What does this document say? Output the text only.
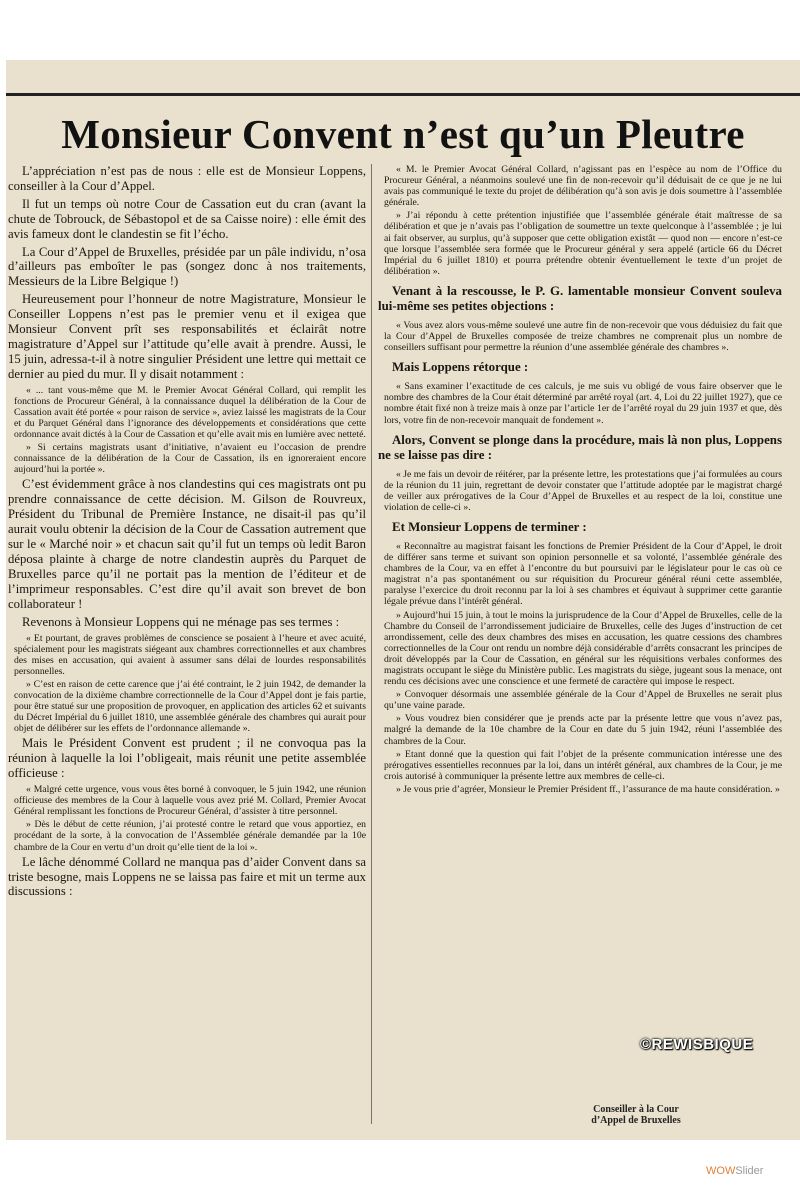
Monsieur Convent n’est qu’un Pleutre

L’appréciation n’est pas de nous : elle est de Monsieur Loppens, conseiller à la Cour d’Appel.

Il fut un temps où notre Cour de Cassation eut du cran (avant la chute de Tobrouck, de Sébastopol et de sa Caisse noire) : elle émit des avis fameux dont le clandestin se fit l’écho.

La Cour d’Appel de Bruxelles, présidée par un pâle individu, n’osa d’ailleurs pas emboîter le pas (songez donc à nos traitements, Messieurs de la Libre Belgique !)

Heureusement pour l’honneur de notre Magistrature, Monsieur le Conseiller Loppens n’est pas le premier venu et il exigea que Monsieur Convent prît ses responsabilités et éclairât notre magistrature d’Appel sur l’attitude qu’elle avait à prendre. Aussi, le 15 juin, adressa-t-il à notre singulier Président une lettre qui mettait ce dernier au pied du mur. Il y disait notamment :

« ... tant vous-même que M. le Premier Avocat Général Collard, qui remplit les fonctions de Procureur Général, à la connaissance duquel la délibération de la Cour de Cassation avait été portée « pour raison de service », aviez laissé les magistrats de la Cour et du Parquet Général dans l’ignorance des développements et considérations que cette ordonnance avait dictés à la Cour de Cassation et qu’elle avait mis en lumière avec netteté.

» Si certains magistrats usant d’initiative, n’avaient eu l’occasion de prendre connaissance de la délibération de la Cour de Cassation, ils en ignoreraient encore aujourd’hui la portée ».

C’est évidemment grâce à nos clandestins qui ces magistrats ont pu prendre connaissance de cette décision. M. Gilson de Rouvreux, Président du Tribunal de Première Instance, ne disait-il pas qu’il aurait voulu obtenir la décision de la Cour de Cassation autrement que sur le « Marché noir » et chacun sait qu’il fut un temps où ledit Baron déposa plainte à charge de notre clandestin auprès du Parquet de Bruxelles parce qu’il ne portait pas la mention de l’éditeur et de l’imprimeur responsables. C’est dire qu’il avait son brevet de bon collaborateur !

Revenons à Monsieur Loppens qui ne ménage pas ses termes :

« Et pourtant, de graves problèmes de conscience se posaient à l’heure et avec acuité, spécialement pour les magistrats siégeant aux chambres correctionnelles et aux chambres des mises en accusation, qui avaient à assumer sans délai de lourdes responsabilités personnelles.

» C’est en raison de cette carence que j’ai été contraint, le 2 juin 1942, de demander la convocation de la dixième chambre correctionnelle de la Cour d’Appel dont je fais partie, pour être statué sur une proposition de provoquer, en application des articles 62 et suivants du Décret Impérial du 6 juillet 1810, une assemblée générale des chambres qui aurait pour objet de délibérer sur les effets de l’ordonnance allemande ».

Mais le Président Convent est prudent ; il ne convoqua pas la réunion à laquelle la loi l’obligeait, mais réunit une petite assemblée officieuse :

« Malgré cette urgence, vous vous êtes borné à convoquer, le 5 juin 1942, une réunion officieuse des membres de la Cour à laquelle vous avez prié M. Collard, Premier Avocat Général remplissant les fonctions de Procureur Général, d’assister à titre personnel.

» Dès le début de cette réunion, j’ai protesté contre le retard que vous apportiez, en procédant de la sorte, à la convocation de l’Assemblée générale demandée par la 10e chambre de la Cour en vertu d’un droit qu’elle tient de la loi ».

Le lâche dénommé Collard ne manqua pas d’aider Convent dans sa triste besogne, mais Loppens ne se laissa pas faire et mit un terme aux discussions :

« M. le Premier Avocat Général Collard, n’agissant pas en l’espèce au nom de l’Office du Procureur Général, a néanmoins soulevé une fin de non-recevoir qu’il déduisait de ce que je ne lui avais pas communiqué le texte du projet de délibération qu’à son avis je dois soumettre à l’assemblée générale.

» J’ai répondu à cette prétention injustifiée que l’assemblée générale était maîtresse de sa délibération et que je n’avais pas l’obligation de soumettre un texte quelconque à l’assemblée ; je lui ai fait observer, au surplus, qu’à supposer que cette obligation existât — quod non — encore n’est-ce que lorsque l’assemblée sera formée que le Procureur général y sera appelé (article 66 du Décret Impérial du 6 juillet 1810) et pourra prétendre obtenir éventuellement le texte d’un projet de délibération ».

Venant à la rescousse, le P. G. lamentable monsieur Convent souleva lui-même ses petites objections :

« Vous avez alors vous-même soulevé une autre fin de non-recevoir que vous déduisiez du fait que la Cour d’Appel de Bruxelles composée de treize chambres ne comprenait plus un nombre de conseillers suffisant pour permettre la réunion d’une assemblée générale des chambres ».

Mais Loppens rétorque :

« Sans examiner l’exactitude de ces calculs, je me suis vu obligé de vous faire observer que le nombre des chambres de la Cour était déterminé par arrêté royal (art. 4, Loi du 22 juillet 1927), que ce nombre était fixé non à treize mais à onze par l’article 1er de l’arrêté royal du 29 juin 1937 et que, dès lors, votre fin de non-recevoir manquait de fondement ».

Alors, Convent se plonge dans la procédure, mais là non plus, Loppens ne se laisse pas dire :

« Je me fais un devoir de réitérer, par la présente lettre, les protestations que j’ai formulées au cours de la réunion du 11 juin, regrettant de devoir constater que l’attitude adoptée par le magistrat chargé de veiller aux prérogatives de la Cour d’Appel de Bruxelles et au respect de la loi, constitue une violation de celle-ci ».

Et Monsieur Loppens de terminer :

« Reconnaître au magistrat faisant les fonctions de Premier Président de la Cour d’Appel, le droit de différer sans terme et suivant son opinion personnelle et sa volonté, l’assemblée générale des chambres de la Cour, va en effet à l’encontre du but poursuivi par le législateur pour le cas où ce magistrat n’a pas spontanément ou sur réquisition du Procureur général réuni cette assemblée, paralyse l’exercice du droit reconnu par la loi à ses chambres et équivaut à supprimer cette garantie légale prévue dans l’intérêt général.

» Aujourd’hui 15 juin, à tout le moins la jurisprudence de la Cour d’Appel de Bruxelles, celle de la Chambre du Conseil de l’arrondissement judiciaire de Bruxelles, celle des Juges d’instruction de cet arrondissement, celle des deux chambres des mises en accusation, les quatre cessions des chambres correctionnelles de la Cour ont rendu un nombre déjà considérable d’arrêts consacrant les principes de droit développés par la Cour de Cassation, en général sur les réquisitions verbales conformes des magistrats occupant le siège du Ministère public. Les magistrats du siège, jugeant sous la menace, ont rendu ces décisions avec une conscience et une fermeté de caractère qui impose le respect.

» Convoquer désormais une assemblée générale de la Cour d’Appel de Bruxelles ne serait plus qu’une vaine parade.

» Vous voudrez bien considérer que je prends acte par la présente lettre que vous n’avez pas, malgré la demande de la 10e chambre de la Cour en date du 5 juin 1942, réuni l’assemblée des chambres de la Cour.

» Etant donné que la question qui fait l’objet de la présente communication intéresse une des prérogatives essentielles reconnues par la loi, dans un intérêt général, aux chambres de la Cour, je me crois autorisé à communiquer la présente lettre aux membres de celle-ci.

» Je vous prie d’agréer, Monsieur le Premier Président ff., l’assurance de ma haute considération. »

Conseiller à la Cour d’Appel de Bruxelles
©REWISBIQUE
WOWSlider
